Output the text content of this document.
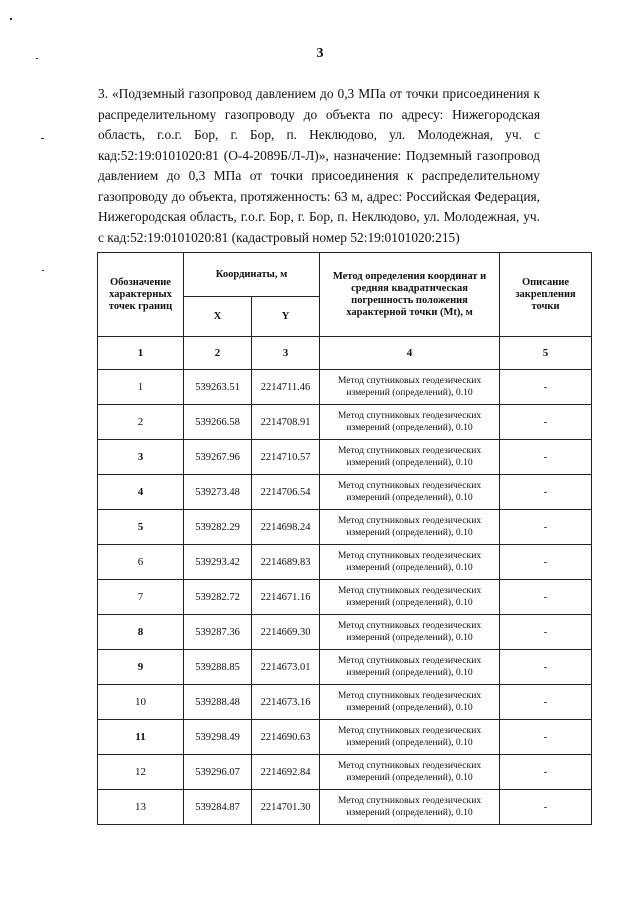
3

3. «Подземный газопровод давлением до 0,3 МПа от точки присоединения к распределительному газопроводу до объекта по адресу: Нижегородская область, г.о.г. Бор, г. Бор, п. Неклюдово, ул. Молодежная, уч. с кад:52:19:0101020:81 (О-4-2089Б/Л-Л)», назначение: Подземный газопровод давлением до 0,3 МПа от точки присоединения к распределительному газопроводу до объекта, протяженность: 63 м, адрес: Российская Федерация, Нижегородская область, г.о.г. Бор, г. Бор, п. Неклюдово, ул. Молодежная, уч. с кад:52:19:0101020:81 (кадастровый номер 52:19:0101020:215)

Обозначение характерных точек границ	Координаты, м		Метод определения координат и средняя квадратическая погрешность положения характерной точки (Mt), м	Описание закрепления точки
	X	Y		
1	2	3	4	5
1	539263.51	2214711.46	Метод спутниковых геодезических измерений (определений), 0.10	-
2	539266.58	2214708.91	Метод спутниковых геодезических измерений (определений), 0.10	-
3	539267.96	2214710.57	Метод спутниковых геодезических измерений (определений), 0.10	-
4	539273.48	2214706.54	Метод спутниковых геодезических измерений (определений), 0.10	-
5	539282.29	2214698.24	Метод спутниковых геодезических измерений (определений), 0.10	-
6	539293.42	2214689.83	Метод спутниковых геодезических измерений (определений), 0.10	-
7	539282.72	2214671.16	Метод спутниковых геодезических измерений (определений), 0.10	-
8	539287.36	2214669.30	Метод спутниковых геодезических измерений (определений), 0.10	-
9	539288.85	2214673.01	Метод спутниковых геодезических измерений (определений), 0.10	-
10	539288.48	2214673.16	Метод спутниковых геодезических измерений (определений), 0.10	-
11	539298.49	2214690.63	Метод спутниковых геодезических измерений (определений), 0.10	-
12	539296.07	2214692.84	Метод спутниковых геодезических измерений (определений), 0.10	-
13	539284.87	2214701.30	Метод спутниковых геодезических измерений (определений), 0.10	-
